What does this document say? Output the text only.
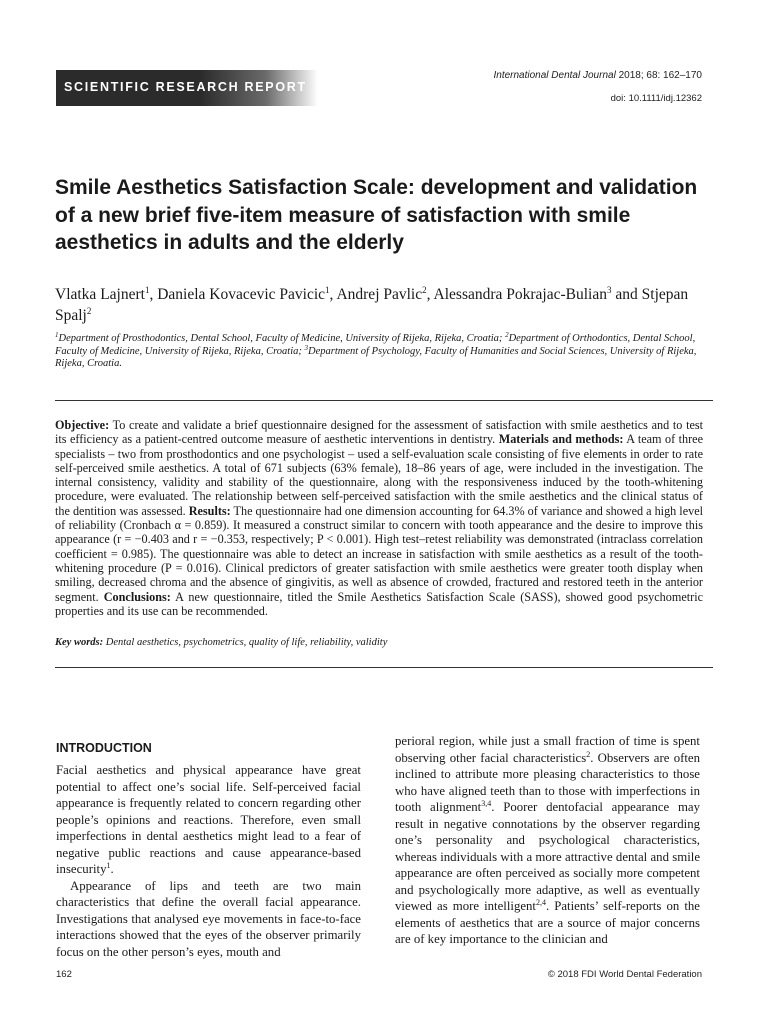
SCIENTIFIC RESEARCH REPORT
International Dental Journal 2018; 68: 162–170
doi: 10.1111/idj.12362
Smile Aesthetics Satisfaction Scale: development and validation of a new brief five-item measure of satisfaction with smile aesthetics in adults and the elderly
Vlatka Lajnert$^1$, Daniela Kovacevic Pavicic$^1$, Andrej Pavlic$^2$, Alessandra Pokrajac-Bulian$^3$ and Stjepan Spalj$^2$
$^1$Department of Prosthodontics, Dental School, Faculty of Medicine, University of Rijeka, Rijeka, Croatia; $^2$Department of Orthodontics, Dental School, Faculty of Medicine, University of Rijeka, Rijeka, Croatia; $^3$Department of Psychology, Faculty of Humanities and Social Sciences, University of Rijeka, Rijeka, Croatia.

Objective: To create and validate a brief questionnaire designed for the assessment of satisfaction with smile aesthetics and to test its efficiency as a patient-centred outcome measure of aesthetic interventions in dentistry. Materials and methods: A team of three specialists – two from prosthodontics and one psychologist – used a self-evaluation scale consisting of five elements in order to rate self-perceived smile aesthetics. A total of 671 subjects (63% female), 18–86 years of age, were included in the investigation. The internal consistency, validity and stability of the questionnaire, along with the responsiveness induced by the tooth-whitening procedure, were evaluated. The relationship between self-perceived satisfaction with the smile aesthetics and the clinical status of the dentition was assessed. Results: The questionnaire had one dimension accounting for 64.3% of variance and showed a high level of reliability (Cronbach α = 0.859). It measured a construct similar to concern with tooth appearance and the desire to improve this appearance (r = −0.403 and r = −0.353, respectively; P < 0.001). High test–retest reliability was demonstrated (intraclass correlation coefficient = 0.985). The questionnaire was able to detect an increase in satisfaction with smile aesthetics as a result of the tooth-whitening procedure (P = 0.016). Clinical predictors of greater satisfaction with smile aesthetics were greater tooth display when smiling, decreased chroma and the absence of gingivitis, as well as absence of crowded, fractured and restored teeth in the anterior segment. Conclusions: A new questionnaire, titled the Smile Aesthetics Satisfaction Scale (SASS), showed good psychometric properties and its use can be recommended.

Key words: Dental aesthetics, psychometrics, quality of life, reliability, validity
INTRODUCTION

Facial aesthetics and physical appearance have great potential to affect one’s social life. Self-perceived facial appearance is frequently related to concern regarding other people’s opinions and reactions. Therefore, even small imperfections in dental aesthetics might lead to a fear of negative public reactions and cause appearance-based insecurity$^1$.

Appearance of lips and teeth are two main characteristics that define the overall facial appearance. Investigations that analysed eye movements in face-to-face interactions showed that the eyes of the observer primarily focus on the other person’s eyes, mouth and

perioral region, while just a small fraction of time is spent observing other facial characteristics$^2$. Observers are often inclined to attribute more pleasing characteristics to those who have aligned teeth than to those with imperfections in tooth alignment$^{3,4}$. Poorer dentofacial appearance may result in negative connotations by the observer regarding one’s personality and psychological characteristics, whereas individuals with a more attractive dental and smile appearance are often perceived as socially more competent and psychologically more adaptive, as well as eventually viewed as more intelligent$^{2,4}$. Patients’ self-reports on the elements of aesthetics that are a source of major concerns are of key importance to the clinician and

162	© 2018 FDI World Dental Federation
